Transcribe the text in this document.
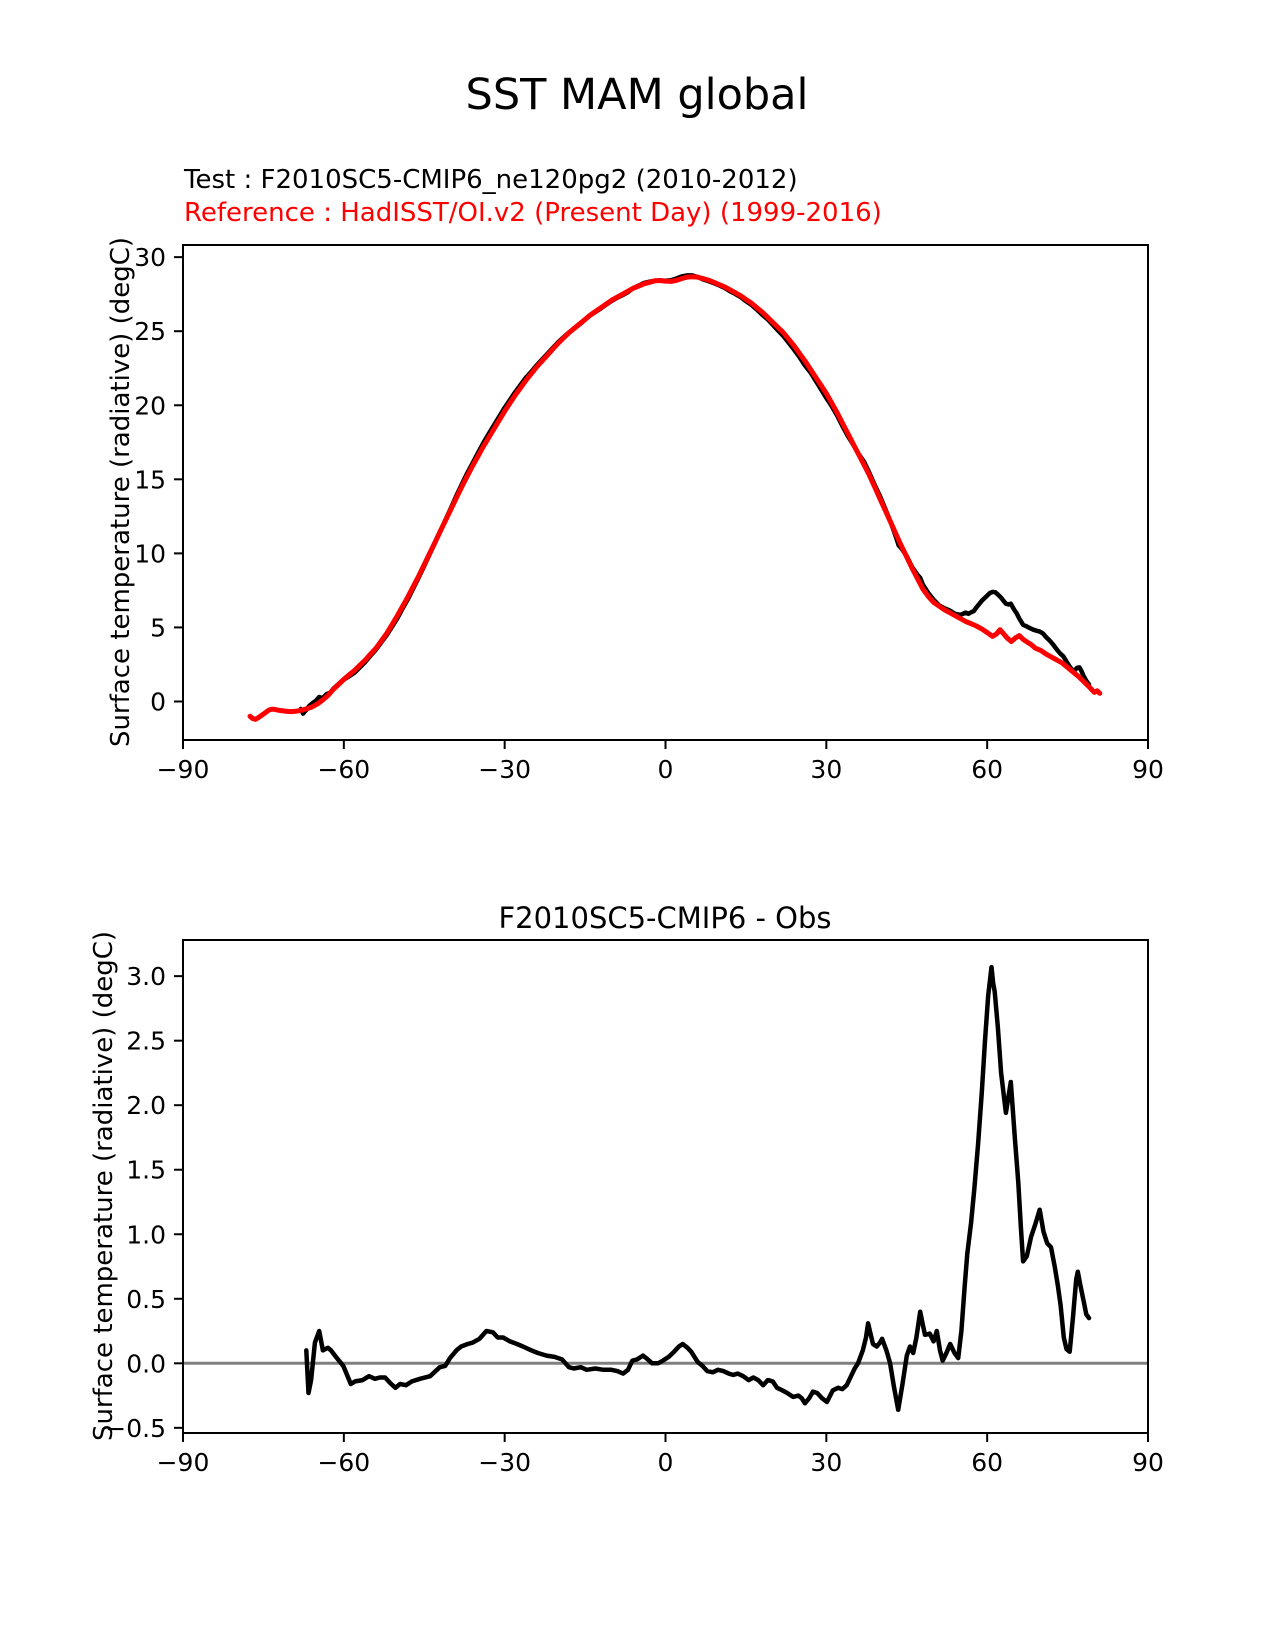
SST MAM global
Test : F2010SC5-CMIP6_ne120pg2 (2010-2012)
Reference : HadISST/OI.v2 (Present Day) (1999-2016)
Surface temperature (radiative) (degC)
Surface temperature (radiative) (degC)
F2010SC5-CMIP6 - Obs
−90	−60	−30	0	30	60	90
0
5
10
15
20
25
30
−90	−60	−30	0	30	60	90
−0.5
0.0
0.5
1.0
1.5
2.0
2.5
3.0
